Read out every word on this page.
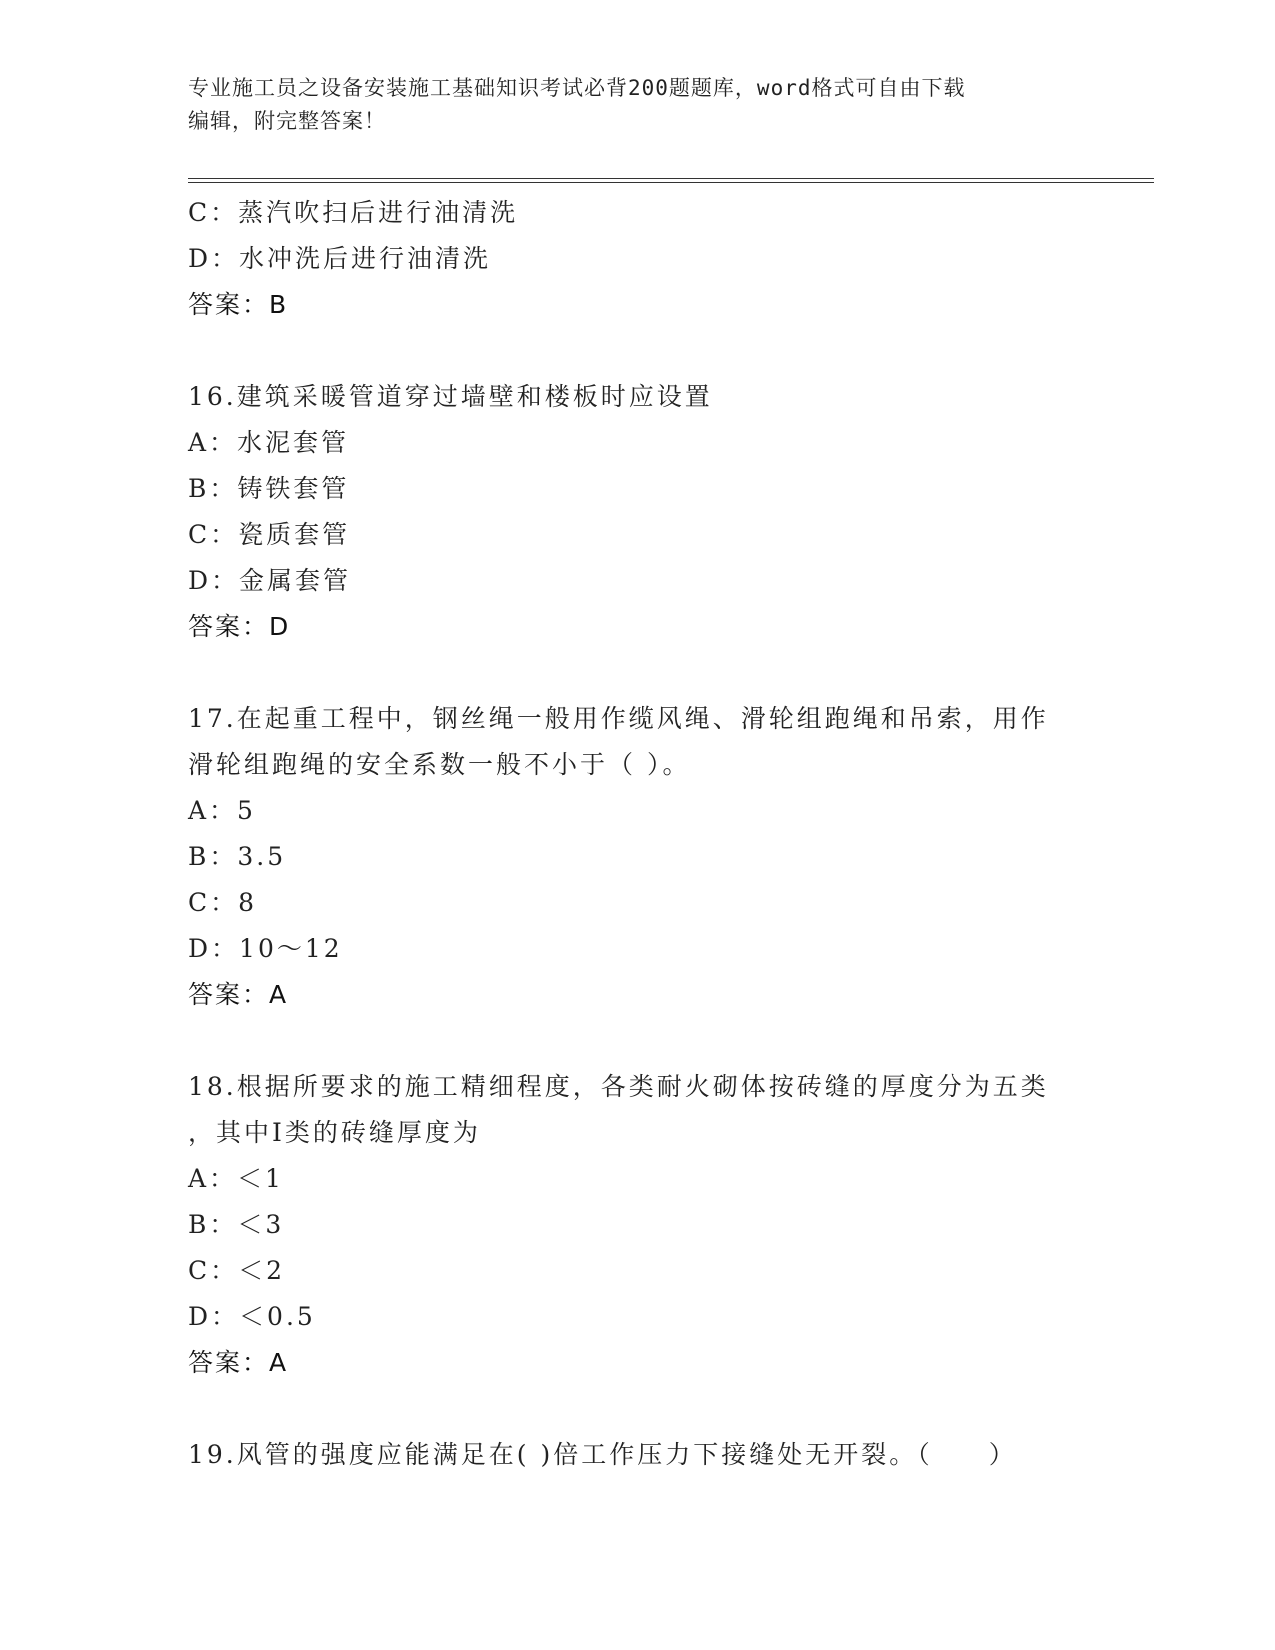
专业施工员之设备安装施工基础知识考试必背200题题库，word格式可自由下载
编辑，附完整答案！
C：蒸汽吹扫后进行油清洗
D：水冲洗后进行油清洗
答案：B
16.建筑采暖管道穿过墙壁和楼板时应设置
A：水泥套管
B：铸铁套管
C：瓷质套管
D：金属套管
答案：D
17.在起重工程中，钢丝绳一般用作缆风绳、滑轮组跑绳和吊索，用作
滑轮组跑绳的安全系数一般不小于（ ）。
A：5
B：3.5
C：8
D：10～12
答案：A
18.根据所要求的施工精细程度，各类耐火砌体按砖缝的厚度分为五类
，其中Ⅰ类的砖缝厚度为
A：＜1
B：＜3
C：＜2
D：＜0.5
答案：A
19.风管的强度应能满足在( )倍工作压力下接缝处无开裂。（　　）
